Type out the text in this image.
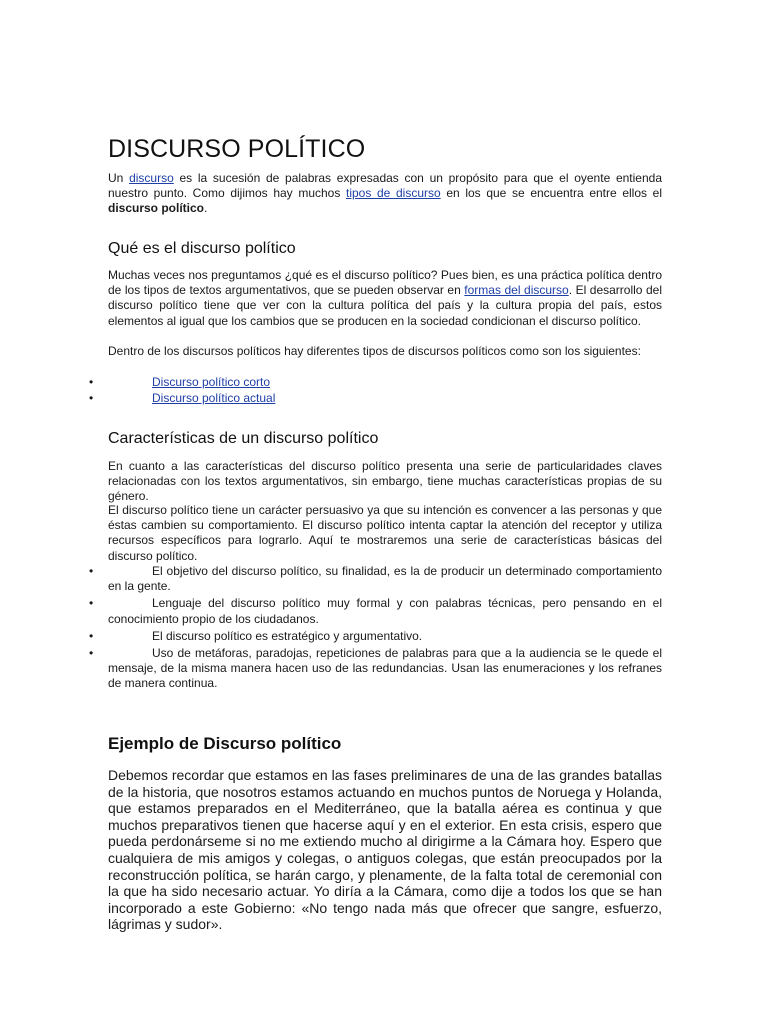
DISCURSO POLÍTICO

Un discurso es la sucesión de palabras expresadas con un propósito para que el oyente entienda nuestro punto. Como dijimos hay muchos tipos de discurso en los que se encuentra entre ellos el discurso político.

Qué es el discurso político

Muchas veces nos preguntamos ¿qué es el discurso político? Pues bien, es una práctica política dentro de los tipos de textos argumentativos, que se pueden observar en formas del discurso. El desarrollo del discurso político tiene que ver con la cultura política del país y la cultura propia del país, estos elementos al igual que los cambios que se producen en la sociedad condicionan el discurso político.

Dentro de los discursos políticos hay diferentes tipos de discursos políticos como son los siguientes:

•	Discurso político corto
•	Discurso político actual
Características de un discurso político

En cuanto a las características del discurso político presenta una serie de particularidades claves relacionadas con los textos argumentativos, sin embargo, tiene muchas características propias de su género.

El discurso político tiene un carácter persuasivo ya que su intención es convencer a las personas y que éstas cambien su comportamiento. El discurso político intenta captar la atención del receptor y utiliza recursos específicos para lograrlo. Aquí te mostraremos una serie de características básicas del discurso político.

•	El objetivo del discurso político, su finalidad, es la de producir un determinado comportamiento en la gente.
•	Lenguaje del discurso político muy formal y con palabras técnicas, pero pensando en el conocimiento propio de los ciudadanos.
•	El discurso político es estratégico y argumentativo.
•	Uso de metáforas, paradojas, repeticiones de palabras para que a la audiencia se le quede el mensaje, de la misma manera hacen uso de las redundancias. Usan las enumeraciones y los refranes de manera continua.
Ejemplo de Discurso político

Debemos recordar que estamos en las fases preliminares de una de las grandes batallas de la historia, que nosotros estamos actuando en muchos puntos de Noruega y Holanda, que estamos preparados en el Mediterráneo, que la batalla aérea es continua y que muchos preparativos tienen que hacerse aquí y en el exterior. En esta crisis, espero que pueda perdonárseme si no me extiendo mucho al dirigirme a la Cámara hoy. Espero que cualquiera de mis amigos y colegas, o antiguos colegas, que están preocupados por la reconstrucción política, se harán cargo, y plenamente, de la falta total de ceremonial con la que ha sido necesario actuar. Yo diría a la Cámara, como dije a todos los que se han incorporado a este Gobierno: «No tengo nada más que ofrecer que sangre, esfuerzo, lágrimas y sudor».
